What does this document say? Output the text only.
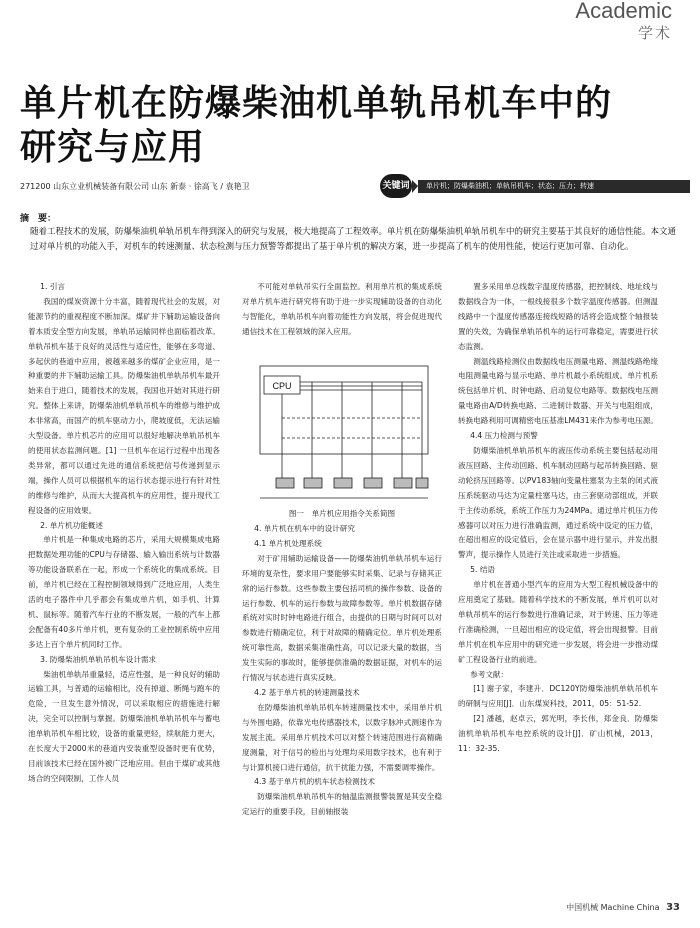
Academic
学术
单片机在防爆柴油机单轨吊机车中的
研究与应用
271200 山东立业机械装备有限公司 山东 新泰 · 徐高飞 / 袁艳卫	关键词	单片机；防爆柴油机；单轨吊机车；状态；压力；转速
摘　要：
随着工程技术的发展，防爆柴油机单轨吊机车得到深入的研究与发展，极大地提高了工程效率。单片机在防爆柴油机单轨吊机车中的研究主要基于其良好的通信性能。本文通过对单片机的功能入手，对机车的转速测量、状态检测与压力预警等都提出了基于单片机的解决方案，进一步提高了机车的使用性能，使运行更加可靠、自动化。

1. 引言

我国的煤炭资源十分丰富，随着现代社会的发展，对能源节约的重视程度不断加深。煤矿井下辅助运输设备向着本质安全型方向发展，单轨吊运输同样也面临着改革。单轨吊机车基于良好的灵活性与适应性，能够在多弯道、多起伏的巷道中应用，被越来越多的煤矿企业应用，是一种重要的井下辅助运输工具。防爆柴油机单轨吊机车最开始来自于进口，随着技术的发展，我国也开始对其进行研究。整体上来讲，防爆柴油机单轨吊机车的维修与维护成本非常高，而国产的机车驱动力小，爬坡度低，无法运输大型设备。单片机芯片的应用可以很好地解决单轨吊机车的使用状态监测问题。[1] 一旦机车在运行过程中出现各类异常，都可以通过先进的通信系统把信号传递到显示端，操作人员可以根据机车的运行状态提示进行有针对性的维修与维护，从而大大提高机车的应用性，提升现代工程设备的应用效果。

2. 单片机功能概述

单片机是一种集成电路的芯片，采用大规模集成电路把数据处理功能的CPU与存储器、输入输出系统与计数器等功能设备联系在一起，形成一个系统化的集成系统。目前，单片机已经在工程控制领域得到广泛地应用，人类生活的电子器件中几乎都会有集成单片机，如手机、计算机、鼠标等。随着汽车行业的不断发展，一般的汽车上都会配备有40多片单片机，更有复杂的工业控制系统中应用多达上百个单片机同时工作。

3. 防爆柴油机单轨吊机车设计需求

柴油机单轨吊重量轻，适应性强，是一种良好的辅助运输工具，与普通的运输相比，没有掉道、断绳与跑车的危险，一旦发生意外情况，可以采取相应的措施进行解决，完全可以控制与掌握。防爆柴油机单轨吊机车与蓄电池单轨吊机车相比较，设备的重量更轻，续航能力更大，在长度大于2000米的巷道内安装重型设备时更有优势，目前该技术已经在国外被广泛地应用。但由于煤矿或其他场合的空间限制，工作人员

不可能对单轨吊实行全面监控。利用单片机的集成系统对单片机车进行研究将有助于进一步实现辅助设备的自动化与智能化，单轨吊机车向着功能性方向发展，将会促进现代通信技术在工程领域的深入应用。

CPU
图一　单片机应用指令关系简图

4. 单片机在机车中的设计研究

4.1 单片机处理系统

对于矿用辅助运输设备——防爆柴油机单轨吊机车运行环境的复杂性，要求用户要能够实时采集、记录与存储其正常的运行参数。这些参数主要包括司机的操作参数、设备的运行参数、机车的运行参数与故障参数等。单片机数据存储系统对实时时钟电路进行组合，由提供的日期与时间可以对参数进行精确定位，利于对故障的精确定位。单片机处理系统可靠性高，数据采集准确性高，可以记录大量的数据，当发生实际的事故时，能够提供准确的数据证据，对机车的运行情况与状态进行真实反映。

4.2 基于单片机的转速测量技术

在防爆柴油机单轨吊机车转速测量技术中，采用单片机与外围电路，依靠光电传感器技术，以数字脉冲式测速作为发展主流。采用单片机技术可以对整个转速范围进行高精确度测量，对于信号的检出与处理均采用数字技术，也有利于与计算机接口进行通信，抗干扰能力强，不需要调零操作。

4.3 基于单片机的机车状态检测技术

防爆柴油机单轨吊机车的轴温监测报警装置是其安全稳定运行的重要手段，目前轴报装

置多采用单总线数字温度传感器，把控制线、地址线与数据线合为一体，一根线接很多个数字温度传感器。但测温线路中一个温度传感器连接线短路的话将会造成整个轴报装置的失效，为确保单轨吊机车的运行可靠稳定，需要进行状态监测。

测温线路检测仪由数据线电压测量电路、测温线路绝缘电阻测量电路与显示电路、单片机最小系统组成。单片机系统包括单片机、时钟电路、启动复位电路等。数据线电压测量电路由A/D转换电路、二进制计数器、开关与电阻组成，转换电路利用可调精密电压基准LM431来作为参考电压源。

4.4 压力检测与预警

防爆柴油机单轨吊机车的液压传动系统主要包括起动用液压回路、主传动回路、机车制动回路与起吊转换回路、驱动轮挤压回路等。以PV183轴向变量柱塞泵为主泵的闭式液压系统驱动马达为定量柱塞马达，由三套驱动部组成，并联于主传动系统，系统工作压力为24MPa。通过单片机压力传感器可以对压力进行准确监测，通过系统中设定的压力值，在超出相应的设定值后，会在显示器中进行显示，并发出报警声，提示操作人员进行关注或采取进一步措施。

5. 结语

单片机在普通小型汽车的应用为大型工程机械设备中的应用奠定了基础。随着科学技术的不断发展，单片机可以对单轨吊机车的运行参数进行准确记录，对于转速、压力等进行准确检测，一旦超出相应的设定值，将会出现报警。目前单片机在机车应用中的研究进一步发展，将会进一步推动煤矿工程设备行业的前进。

参考文献：

[1] 谢子家，李建升．DC120Y防爆柴油机单轨吊机车的研制与应用[J]．山东煤炭科技，2011，05：51-52.

[2] 潘越，赵卓云，郭光明，李长伟，郑金良．防爆柴油机单轨吊机车电控系统的设计[J]．矿山机械，2013，11：32-35.

中国机械 Machine China 33
